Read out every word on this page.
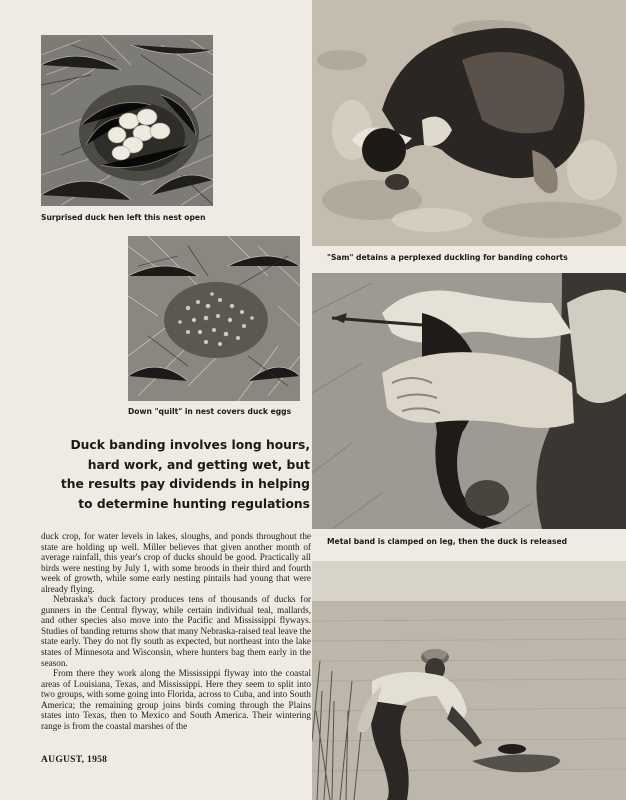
Surprised duck hen left this nest open
"Sam" detains a perplexed duckling for banding cohorts
Down "quilt" in nest covers duck eggs
Duck banding involves long hours,
hard work, and getting wet, but
the results pay dividends in helping
to determine hunting regulations
Metal band is clamped on leg, then the duck is released

duck crop, for water levels in lakes, sloughs, and ponds throughout the state are holding up well. Miller believes that given another month of average rainfall, this year's crop of ducks should be good. Practically all birds were nesting by July 1, with some broods in their third and fourth week of growth, while some early nesting pintails had young that were already flying.

Nebraska's duck factory produces tens of thousands of ducks for gunners in the Central flyway, while certain individual teal, mallards, and other species also move into the Pacific and Mississippi flyways. Studies of banding returns show that many Nebraska-raised teal leave the state early. They do not fly south as expected, but northeast into the lake states of Minnesota and Wisconsin, where hunters bag them early in the season.

From there they work along the Mississippi flyway into the coastal areas of Louisiana, Texas, and Mississippi. Here they seem to split into two groups, with some going into Florida, across to Cuba, and into South America; the remaining group joins birds coming through the Plains states into Texas, then to Mexico and South America. Their wintering range is from the coastal marshes of the

AUGUST, 1958
